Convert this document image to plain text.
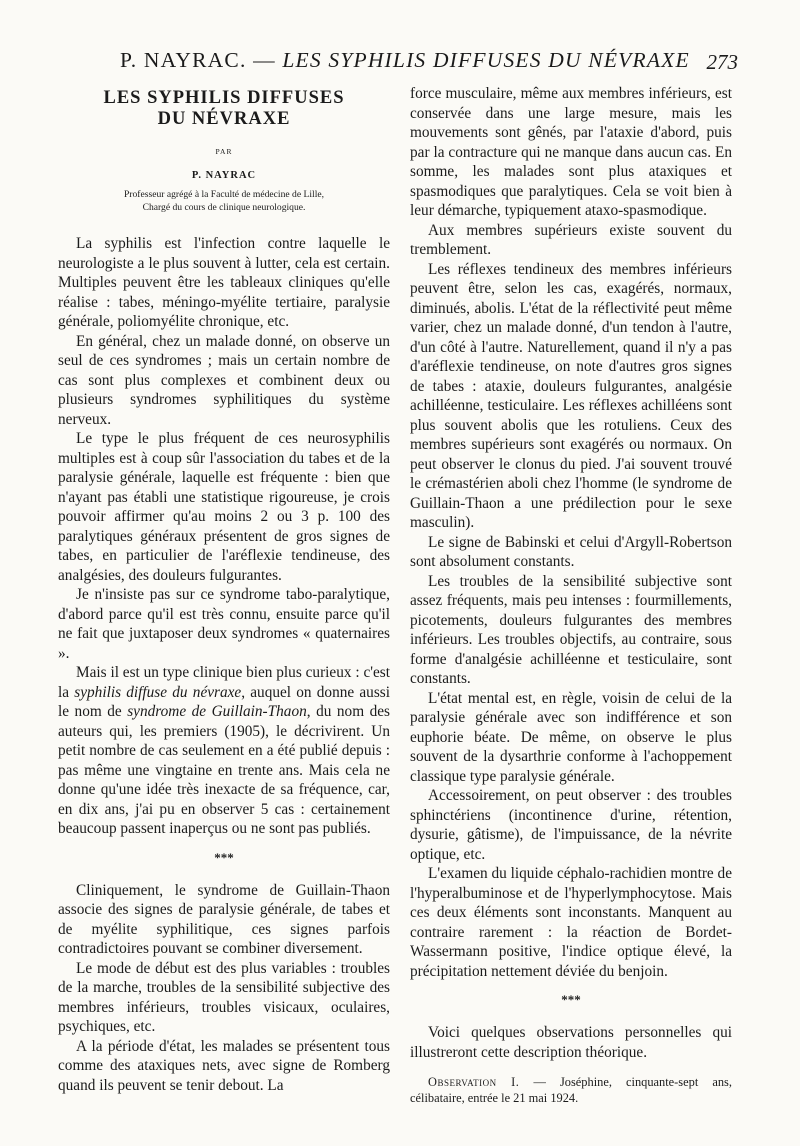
P. NAYRAC. — LES SYPHILIS DIFFUSES DU NÉVRAXE 273
LES SYPHILIS DIFFUSES
DU NÉVRAXE
PAR
P. NAYRAC
Professeur agrégé à la Faculté de médecine de Lille,
Chargé du cours de clinique neurologique.

La syphilis est l'infection contre laquelle le neurologiste a le plus souvent à lutter, cela est certain. Multiples peuvent être les tableaux cliniques qu'elle réalise : tabes, méningo-myélite tertiaire, paralysie générale, poliomyélite chronique, etc.

En général, chez un malade donné, on observe un seul de ces syndromes ; mais un certain nombre de cas sont plus complexes et combinent deux ou plusieurs syndromes syphilitiques du système nerveux.

Le type le plus fréquent de ces neurosyphilis multiples est à coup sûr l'association du tabes et de la paralysie générale, laquelle est fréquente : bien que n'ayant pas établi une statistique rigoureuse, je crois pouvoir affirmer qu'au moins 2 ou 3 p. 100 des paralytiques généraux présentent de gros signes de tabes, en particulier de l'aréflexie tendineuse, des analgésies, des douleurs fulgurantes.

Je n'insiste pas sur ce syndrome tabo-paralytique, d'abord parce qu'il est très connu, ensuite parce qu'il ne fait que juxtaposer deux syndromes « quaternaires ».

Mais il est un type clinique bien plus curieux : c'est la syphilis diffuse du névraxe, auquel on donne aussi le nom de syndrome de Guillain-Thaon, du nom des auteurs qui, les premiers (1905), le décrivirent. Un petit nombre de cas seulement en a été publié depuis : pas même une vingtaine en trente ans. Mais cela ne donne qu'une idée très inexacte de sa fréquence, car, en dix ans, j'ai pu en observer 5 cas : certainement beaucoup passent inaperçus ou ne sont pas publiés.

***

Cliniquement, le syndrome de Guillain-Thaon associe des signes de paralysie générale, de tabes et de myélite syphilitique, ces signes parfois contradictoires pouvant se combiner diversement.

Le mode de début est des plus variables : troubles de la marche, troubles de la sensibilité subjective des membres inférieurs, troubles visicaux, oculaires, psychiques, etc.

A la période d'état, les malades se présentent tous comme des ataxiques nets, avec signe de Romberg quand ils peuvent se tenir debout. La

force musculaire, même aux membres inférieurs, est conservée dans une large mesure, mais les mouvements sont gênés, par l'ataxie d'abord, puis par la contracture qui ne manque dans aucun cas. En somme, les malades sont plus ataxiques et spasmodiques que paralytiques. Cela se voit bien à leur démarche, typiquement ataxo-spasmodique.

Aux membres supérieurs existe souvent du tremblement.

Les réflexes tendineux des membres inférieurs peuvent être, selon les cas, exagérés, normaux, diminués, abolis. L'état de la réflectivité peut même varier, chez un malade donné, d'un tendon à l'autre, d'un côté à l'autre. Naturellement, quand il n'y a pas d'aréflexie tendineuse, on note d'autres gros signes de tabes : ataxie, douleurs fulgurantes, analgésie achilléenne, testiculaire. Les réflexes achilléens sont plus souvent abolis que les rotuliens. Ceux des membres supérieurs sont exagérés ou normaux. On peut observer le clonus du pied. J'ai souvent trouvé le crémastérien aboli chez l'homme (le syndrome de Guillain-Thaon a une prédilection pour le sexe masculin).

Le signe de Babinski et celui d'Argyll-Robertson sont absolument constants.

Les troubles de la sensibilité subjective sont assez fréquents, mais peu intenses : fourmillements, picotements, douleurs fulgurantes des membres inférieurs. Les troubles objectifs, au contraire, sous forme d'analgésie achilléenne et testiculaire, sont constants.

L'état mental est, en règle, voisin de celui de la paralysie générale avec son indifférence et son euphorie béate. De même, on observe le plus souvent de la dysarthrie conforme à l'achoppement classique type paralysie générale.

Accessoirement, on peut observer : des troubles sphinctériens (incontinence d'urine, rétention, dysurie, gâtisme), de l'impuissance, de la névrite optique, etc.

L'examen du liquide céphalo-rachidien montre de l'hyperalbuminose et de l'hyperlymphocytose. Mais ces deux éléments sont inconstants. Manquent au contraire rarement : la réaction de Bordet-Wassermann positive, l'indice optique élevé, la précipitation nettement déviée du benjoin.

***

Voici quelques observations personnelles qui illustreront cette description théorique.

Observation I. — Joséphine, cinquante-sept ans, célibataire, entrée le 21 mai 1924.
